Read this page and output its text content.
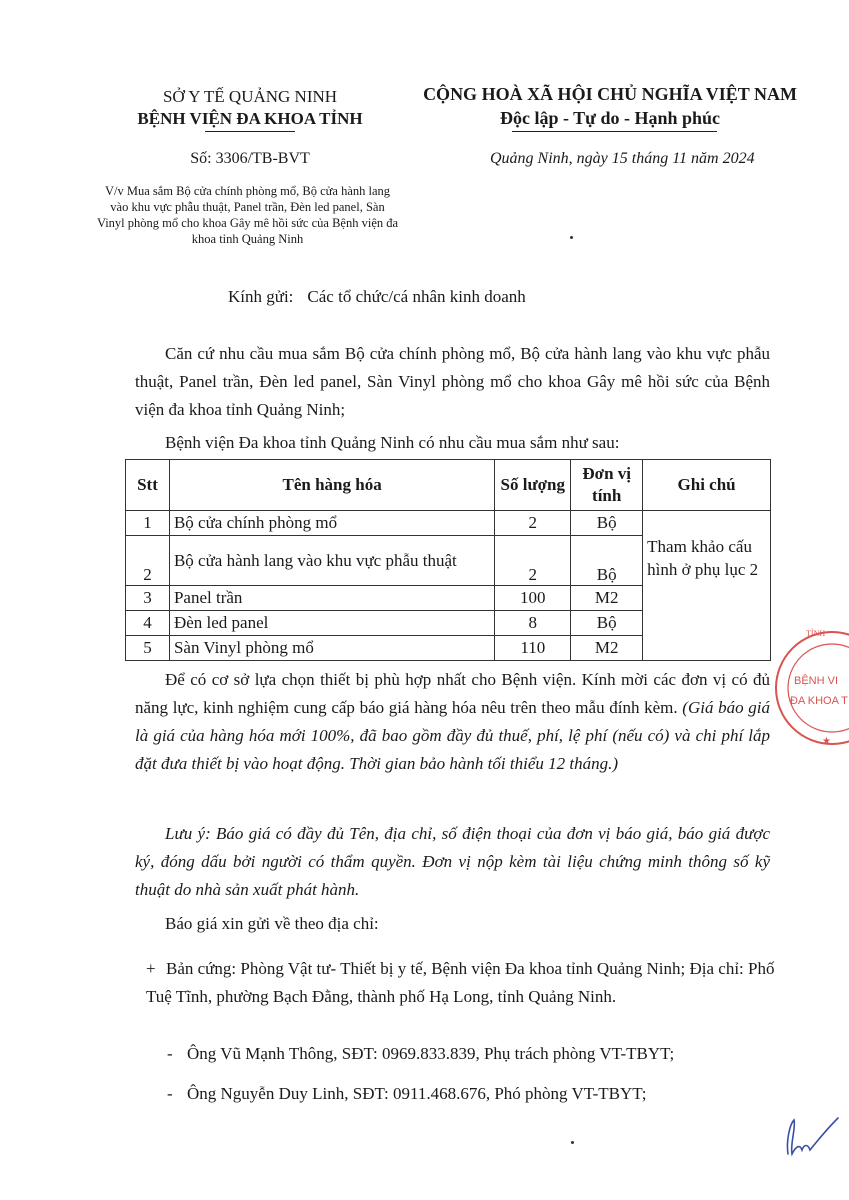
SỞ Y TẾ QUẢNG NINH
BỆNH VIỆN ĐA KHOA TỈNH
CỘNG HOÀ XÃ HỘI CHỦ NGHĨA VIỆT NAM
Độc lập - Tự do - Hạnh phúc
Số: 3306/TB-BVT	Quảng Ninh, ngày 15 tháng 11 năm 2024
V/v Mua sắm Bộ cửa chính phòng mổ, Bộ cửa hành lang vào khu vực phẫu thuật, Panel trần, Đèn led panel, Sàn Vinyl phòng mổ cho khoa Gây mê hồi sức của Bệnh viện đa khoa tỉnh Quảng Ninh
Kính gửi: Các tổ chức/cá nhân kinh doanh
Căn cứ nhu cầu mua sắm Bộ cửa chính phòng mổ, Bộ cửa hành lang vào khu vực phẫu thuật, Panel trần, Đèn led panel, Sàn Vinyl phòng mổ cho khoa Gây mê hồi sức của Bệnh viện đa khoa tỉnh Quảng Ninh;
Bệnh viện Đa khoa tỉnh Quảng Ninh có nhu cầu mua sắm như sau:
Stt	Tên hàng hóa	Số lượng	Đơn vị tính	Ghi chú
1	Bộ cửa chính phòng mổ	2	Bộ	Tham khảo cấu hình ở phụ lục 2
2	Bộ cửa hành lang vào khu vực phẫu thuật	2	Bộ	
3	Panel trần	100	M2	
4	Đèn led panel	8	Bộ	
5	Sàn Vinyl phòng mổ	110	M2	
Để có cơ sở lựa chọn thiết bị phù hợp nhất cho Bệnh viện. Kính mời các đơn vị có đủ năng lực, kinh nghiệm cung cấp báo giá hàng hóa nêu trên theo mẫu đính kèm. (Giá báo giá là giá của hàng hóa mới 100%, đã bao gồm đầy đủ thuế, phí, lệ phí (nếu có) và chi phí lắp đặt đưa thiết bị vào hoạt động. Thời gian bảo hành tối thiểu 12 tháng.)
Lưu ý: Báo giá có đầy đủ Tên, địa chỉ, số điện thoại của đơn vị báo giá, báo giá được ký, đóng dấu bởi người có thẩm quyền. Đơn vị nộp kèm tài liệu chứng minh thông số kỹ thuật do nhà sản xuất phát hành.
Báo giá xin gửi về theo địa chỉ:
+ Bản cứng: Phòng Vật tư- Thiết bị y tế, Bệnh viện Đa khoa tỉnh Quảng Ninh; Địa chỉ: Phố Tuệ Tĩnh, phường Bạch Đằng, thành phố Hạ Long, tỉnh Quảng Ninh.
- Ông Vũ Mạnh Thông, SĐT: 0969.833.839, Phụ trách phòng VT-TBYT;
- Ông Nguyễn Duy Linh, SĐT: 0911.468.676, Phó phòng VT-TBYT;
TỈNH
BỆNH VI
ĐA KHOA T
★
